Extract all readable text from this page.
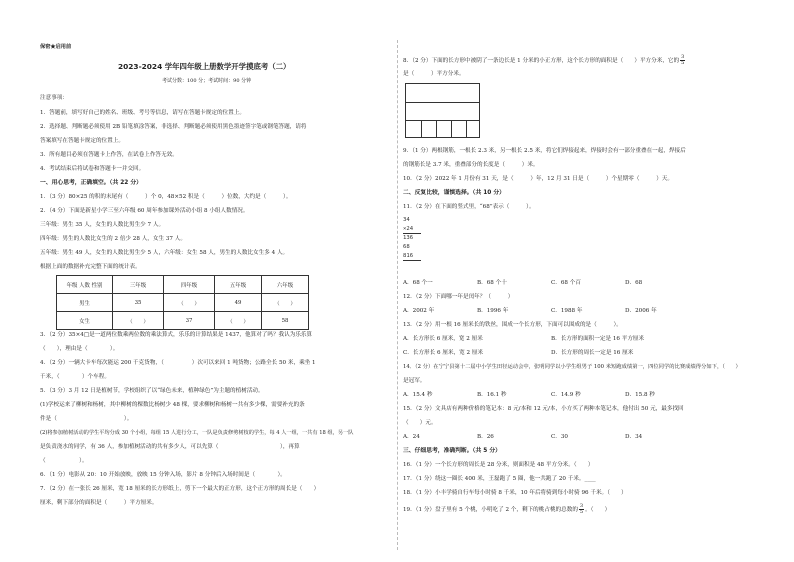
保密★启用前
2023-2024 学年四年级上册数学开学摸底考（二）
考试分数：100 分；考试时间：90 分钟
注意事项：
1．答题前，填写好自己的姓名、班级、考号等信息，请写在答题卡规定的位置上。
2．选择题、判断题必须使用 2B 铅笔填涂答案，非选择、判断题必须使用黑色墨迹签字笔或钢笔答题，请将
答案填写在答题卡规定的位置上。
3．所有题目必须在答题卡上作答，在试卷上作答无效。
4．考试结束后将试卷和答题卡一并交回。
一、用心思考，正确填空。（共 22 分）
1．（3 分）80×25 的积的末尾有（　　　）个 0，48×52 积是（　　　）位数，大约是（　　　）。
2．（4 分）下面是新星小学三至六年级 60 周年参加课外活动小组 8 小组人数情况。
三年级：男生 35 人，女生的人数比男生少 7 人。
四年级：男生的人数比女生的 2 倍少 28 人，女生 37 人。
五年级：男生 49 人，女生的人数比男生少 5 人，六年级：女生 58 人，男生的人数比女生多 4 人。
根据上面的数据补充完整下面的统计表。
年级 人数 性别	三年级	四年级	五年级	六年级
男生	35	（　　）	49	（　　）
女生	（　　）	37	（　　）	58
3．（2 分）35×4□是一道两位数乘两位数的乘法算式，乐乐的计算结果是 1437，他算对了吗？我认为乐乐算
（　　），理由是（　　　　）。
4．（2 分）一辆大卡车每次能运 200 千克货物，（　　　　　）次可以来回 1 吨货物；公路全长 50 米，乘坐 1
千米，（　　　　）个车程。
5．（3 分）3 月 12 日是植树节，学校组织了以“绿色未来，植种绿色”为主题的植树活动。
(1)学校运来了柳树和杨树，其中柳树的棵数比杨树少 48 棵，要求柳树和杨树一共有多少棵，需要补充的条
件是（　　　　　　　　　　　　）。
(2)将参加植树活动的学生平均分成 30 个小组，每组 15 人进行分工，一队是负责修剪树枝的学生，每 4 人一组，一共有 18 组，另一队
是负责浇水的同学，有 36 人，参加植树活动的共有多少人，可以先算（　　　　　　　　　　　），再算
（　　　　　　）。
6．（1 分）电影从 20：10 开始放映，放映 15 分钟入场，影片 8 分钟后入场时间是（　　　　）。
7．（2 分）在一张长 26 厘米，宽 18 厘米的长方形纸上，剪下一个最大的正方形，这个正方形的周长是（　　）
厘米，剩下部分的面积是（　　　）平方厘米。
8．（2 分）下面的长方形中被阴了一条边长是 1 分米的小正方形，这个长方形的面积是（　　）平方分米，它的 $\frac{3}{5}$
是（　　　）平方分米。
9．（1 分）两根钢筋，一根长 2.3 米，另一根长 2.5 米，将它们焊接起来，焊接时会有一部分重叠在一起，焊接后
的钢筋长是 3.7 米，重叠部分的长度是（　　　）米。
10．（2 分）2022 年 1 月份有 31 天，是（　　　）年，12 月 31 日是（　　　）个星期零（　　　）天。
二、反复比较，谨慎选择。（共 10 分）
11．（2 分）在下面的竖式里，“68”表示（　　　）。
34
×24
136
68
816
A．68 个一	B．68 个十	C．68 个百	D．68
12．（2 分）下面哪一年是闰年？（　　　）
A．2002 年	B．1996 年	C．1988 年	D．2006 年
13．（2 分）用一根 16 厘米长的铁丝，围成一个长方形，下面可以围成的是（　　　）。
A．长方形长 6 厘米，宽 2 厘米	B．长方形的面积一定是 16 平方厘米
C．长方形长 6 厘米，宽 2 厘米	D．长方形的周长一定是 16 厘米
14．（2 分）在宁宁县第十二届中小学生田径运动会中，张明同学以小学生组男子 100 米短跑成绩第一，四位同学的比赛成绩得分如下，（　　）
是冠军。
A．15.4 秒	B．16.1 秒	C．14.9 秒	D．15.8 秒
15．（2 分）文具店有两种价格的笔记本：8 元/本和 12 元/本，小方买了两种本笔记本，他付出 50 元，最多找回
（　　）元。
A．24	B．26	C．30	D．34
三、仔细思考，准确判断。（共 5 分）
16．（1 分）一个长方形的周长是 28 分米，则面积是 48 平方分米。（　　）
17．（1 分）绕这一圈长 400 米，王磊跑了 5 圈，他一共跑了 20 千米。____
18．（1 分）小丰学骑自行车每小时骑 8 千米，10 年后将骑到每小时骑 96 千米。（　　）
19．（1 分）盘子里有 5 个桃，小明吃了 2 个，剩下的桃占桃的总数的 $\frac{3}{5}$ 。（　　）
